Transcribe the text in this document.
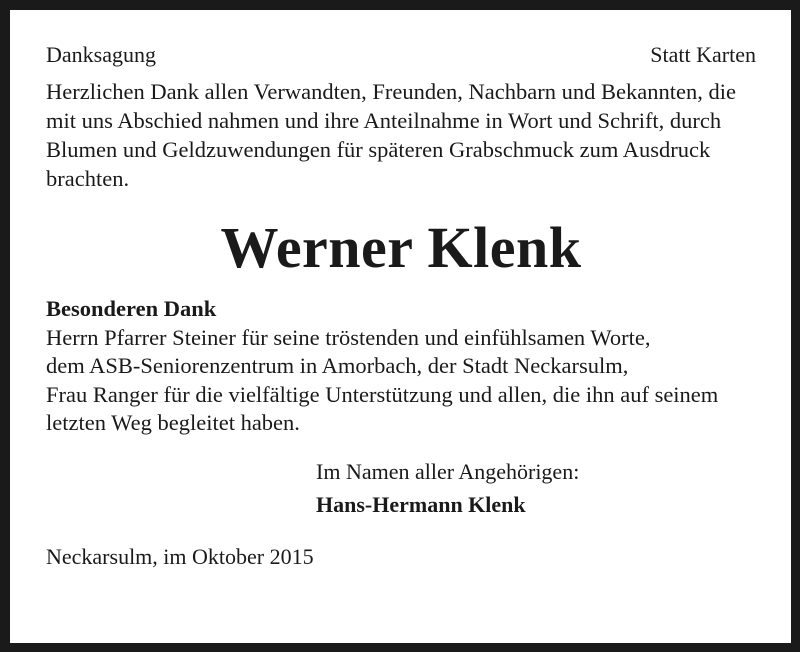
Danksagung	Statt Karten
Herzlichen Dank allen Verwandten, Freunden, Nachbarn und Bekannten, die mit uns Abschied nahmen und ihre Anteilnahme in Wort und Schrift, durch Blumen und Geldzuwendungen für späteren Grabschmuck zum Ausdruck brachten.
Werner Klenk
Besonderen Dank
Herrn Pfarrer Steiner für seine tröstenden und einfühlsamen Worte,
dem ASB-Seniorenzentrum in Amorbach, der Stadt Neckarsulm,
Frau Ranger für die vielfältige Unterstützung und allen, die ihn auf seinem letzten Weg begleitet haben.
Im Namen aller Angehörigen:
Hans-Hermann Klenk
Neckarsulm, im Oktober 2015
